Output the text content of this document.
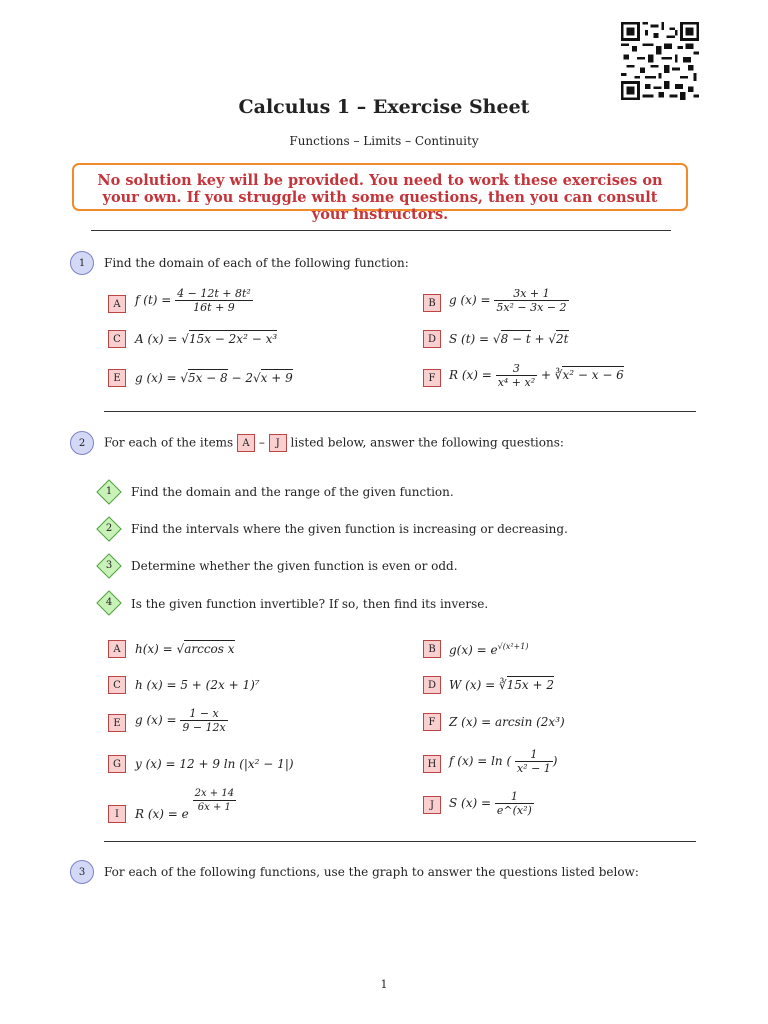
Calculus 1 – Exercise Sheet
Functions – Limits – Continuity
No solution key will be provided. You need to work these exercises on your own. If you struggle with some questions, then you can consult your instructors.
1	Find the domain of each of the following function:
A	f $(t) = \frac{\text{4 − 12t + 8t²}}{16t + 9}$	B	g $(x) = \frac{3x + 1}{\text{5x² − 3x − 2}}$
C	A (x) = √15x − 2x² − x³	D	S (t) = √8 − t + √2t
E	g (x) = √5x − 8 − 2√x + 9	F	R $(x) = \frac{3}{\text{x⁴ + x²}}$ + ∛x² − x − 6
2	For each of the items A – J listed below, answer the following questions:
1	Find the domain and the range of the given function.
2	Find the intervals where the given function is increasing or decreasing.
3	Determine whether the given function is even or odd.
4	Is the given function invertible? If so, then find its inverse.
A	h(x) = √arccos x	B	$g(x) = e^{√(x^2+1)}$
C	h (x) = 5 + (2x + 1)⁷	D	W (x) = ∛15x + 2
E	g $(x) = \frac{1 - x}{9 - 12x}$	F	Z (x) = arcsin (2x³)
G	y (x) = 12 + 9 ln (|x² − 1|)	H	f (x) = ln ( $\frac{1}{\text{x² − 1}}$ )
I	R (x) = e $\frac{2x + 14}{6x + 1}$	J	S $(x) = \frac{1}{\text{e\textasciicircum{}(x²)}}$
3	For each of the following functions, use the graph to answer the questions listed below:
1
